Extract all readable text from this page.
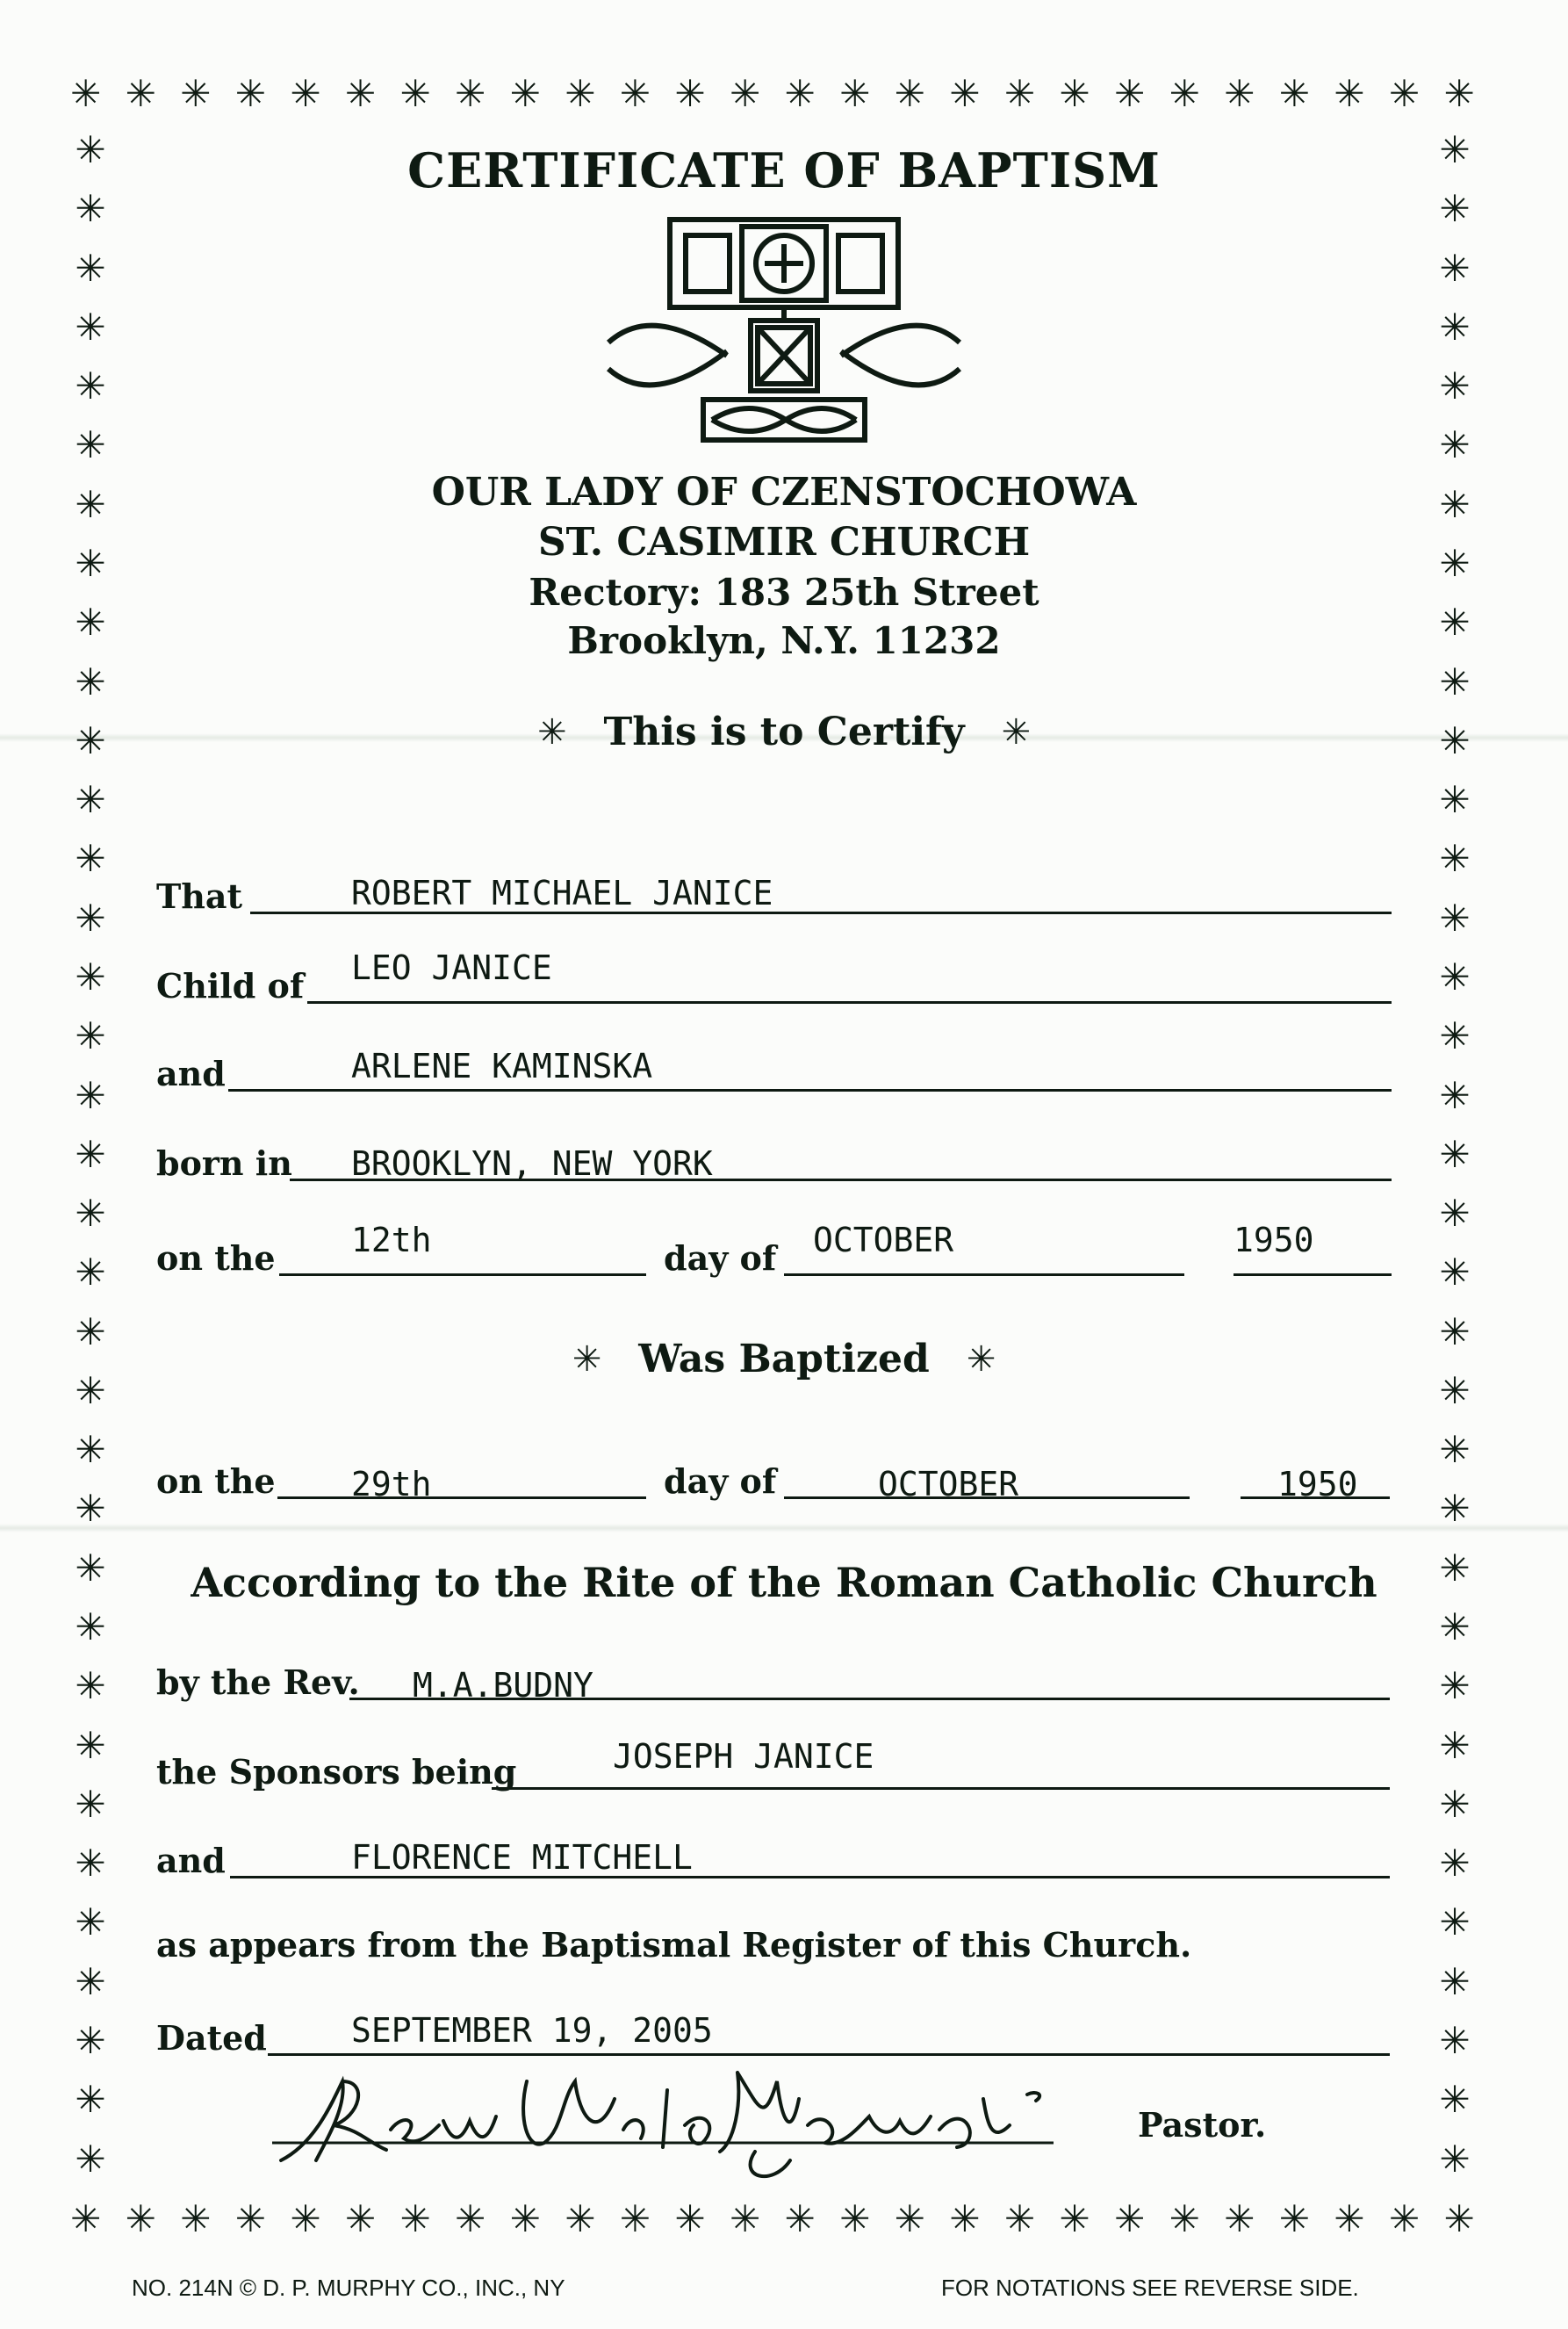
✳ ✳ ✳ ✳ ✳ ✳ ✳ ✳ ✳ ✳ ✳ ✳ ✳ ✳ ✳ ✳ ✳ ✳ ✳ ✳ ✳ ✳ ✳ ✳ ✳ ✳
✳ ✳ ✳ ✳ ✳ ✳ ✳ ✳ ✳ ✳ ✳ ✳ ✳ ✳ ✳ ✳ ✳ ✳ ✳ ✳ ✳ ✳ ✳ ✳ ✳ ✳
✳
✳
✳
✳
✳
✳
✳
✳
✳
✳
✳
✳
✳
✳
✳
✳
✳
✳
✳
✳
✳
✳
✳
✳
✳
✳
✳
✳
✳
✳
✳
✳
✳
✳
✳
✳
✳
✳
✳
✳
✳
✳
✳
✳
✳
✳
✳
✳
✳
✳
✳
✳
✳
✳
✳
✳
✳
✳
✳
✳
✳
✳
✳
✳
✳
✳
✳
✳
✳
✳
CERTIFICATE OF BAPTISM
OUR LADY OF CZENSTOCHOWA
ST. CASIMIR CHURCH
Rectory: 183 25th Street
Brooklyn, N.Y. 11232
✳ This is to Certify ✳
That	ROBERT MICHAEL JANICE
Child of LEO JANICE
and	ARLENE KAMINSKA
born in BROOKLYN, NEW YORK
on the 12th	day of OCTOBER	1950
✳ Was Baptized ✳
on the 29th	day of	OCTOBER	1950
According to the Rite of the Roman Catholic Church
by the Rev. M.A.BUDNY
the Sponsors being	JOSEPH JANICE
and	FLORENCE MITCHELL
as appears from the Baptismal Register of this Church.
Dated	SEPTEMBER 19, 2005
Pastor.
NO. 214N © D. P. MURPHY CO., INC., NY	FOR NOTATIONS SEE REVERSE SIDE.
